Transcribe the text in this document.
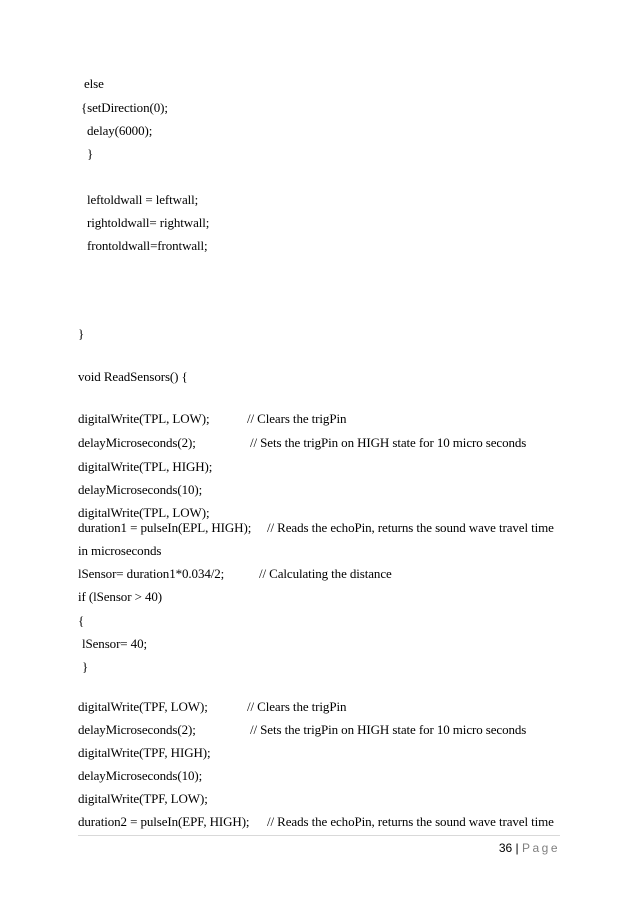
else
{setDirection(0);
delay(6000);
}
leftoldwall = leftwall;
rightoldwall= rightwall;
frontoldwall=frontwall;
}
void ReadSensors() {
digitalWrite(TPL, LOW);	// Clears the trigPin
delayMicroseconds(2);	// Sets the trigPin on HIGH state for 10 micro seconds
digitalWrite(TPL, HIGH);
delayMicroseconds(10);
digitalWrite(TPL, LOW);
duration1 = pulseIn(EPL, HIGH); // Reads the echoPin, returns the sound wave travel time
in microseconds
lSensor= duration1*0.034/2;	// Calculating the distance
if (lSensor > 40)
{
lSensor= 40;
}
digitalWrite(TPF, LOW);	// Clears the trigPin
delayMicroseconds(2);	// Sets the trigPin on HIGH state for 10 micro seconds
digitalWrite(TPF, HIGH);
delayMicroseconds(10);
digitalWrite(TPF, LOW);
duration2 = pulseIn(EPF, HIGH); // Reads the echoPin, returns the sound wave travel time
36 | Page
